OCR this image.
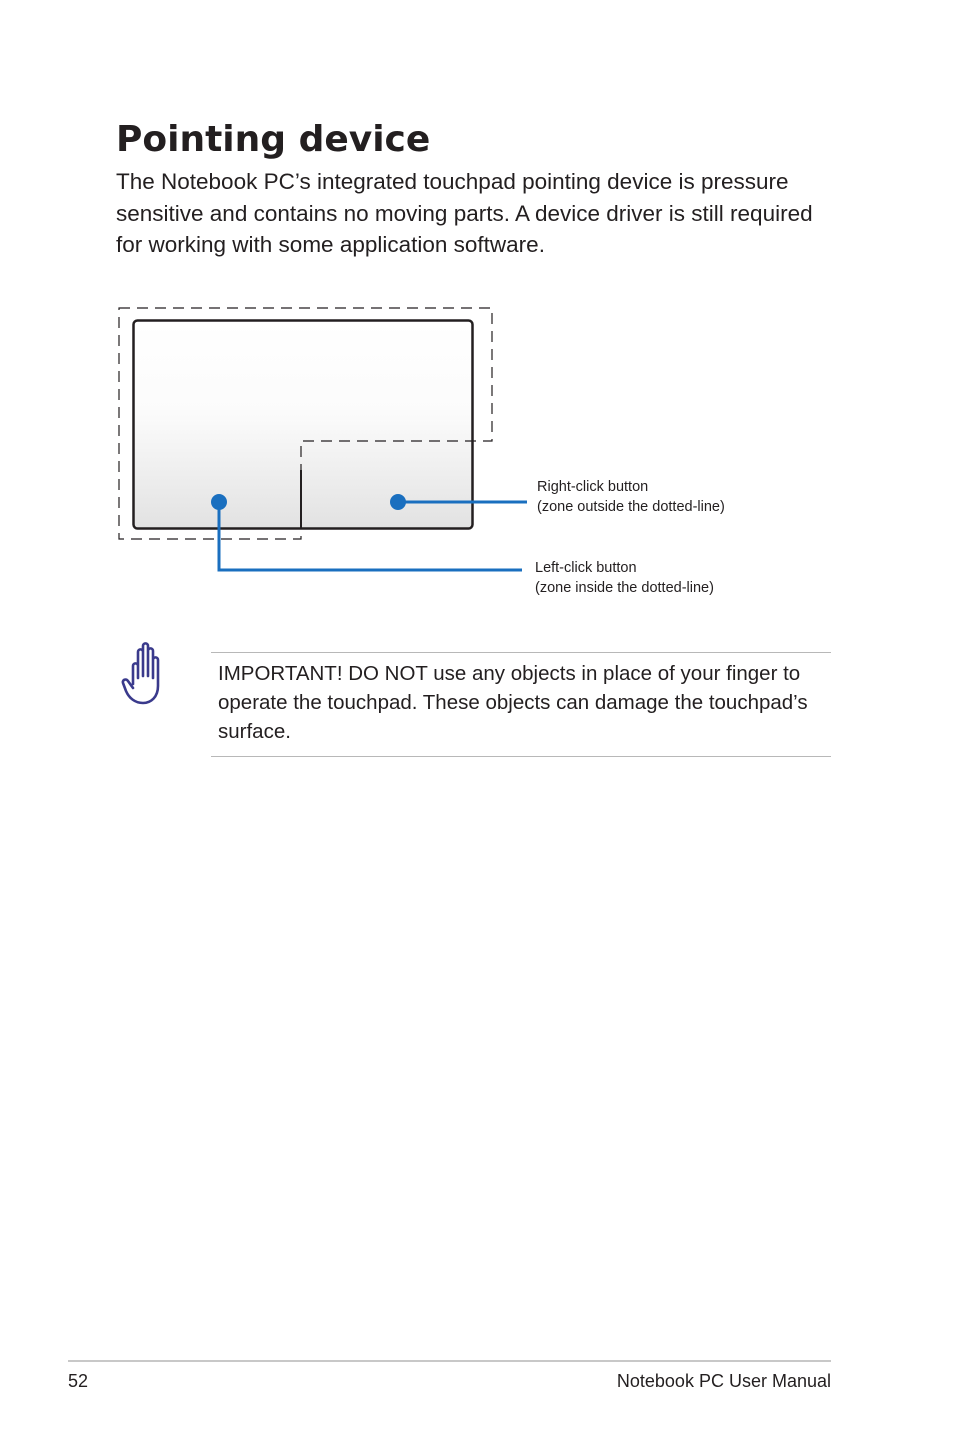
Pointing device

The Notebook PC’s integrated touchpad pointing device is pressure sensitive and contains no moving parts. A device driver is still required for working with some application software.

Right-click button
(zone outside the dotted-line)
Left-click button
(zone inside the dotted-line)

IMPORTANT! DO NOT use any objects in place of your finger to operate the touchpad. These objects can damage the touchpad’s surface.

52	Notebook PC User Manual
